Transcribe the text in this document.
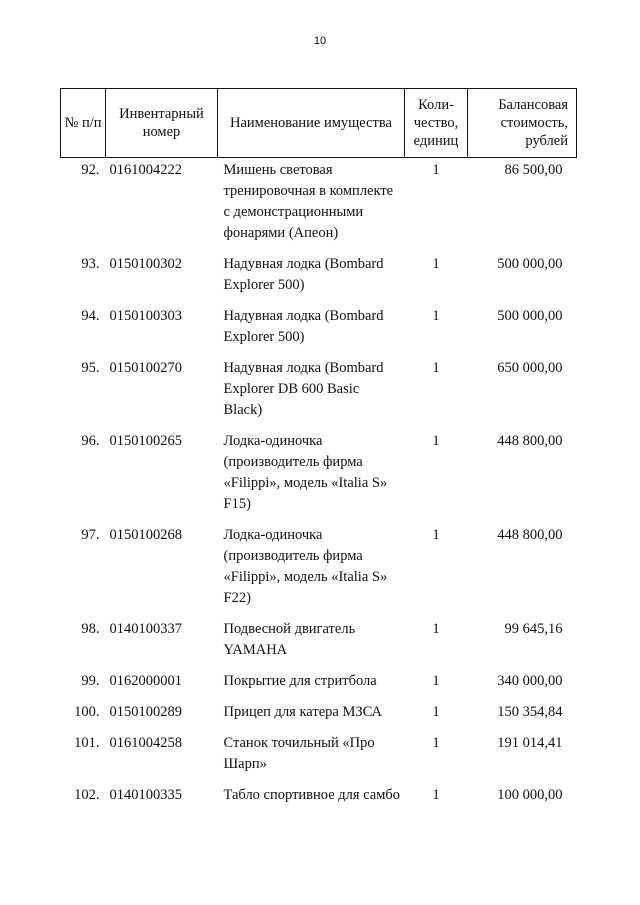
10
№ п/п	Инвентарный номер	Наименование имущества	Коли-чество, единиц	Балансовая стоимость, рублей
92.	0161004222	Мишень световая тренировочная в комплекте с демонстрационными фонарями (Апеон)	1	86 500,00
93.	0150100302	Надувная лодка (Bombard Explorer 500)	1	500 000,00
94.	0150100303	Надувная лодка (Bombard Explorer 500)	1	500 000,00
95.	0150100270	Надувная лодка (Bombard Explorer DB 600 Basic Black)	1	650 000,00
96.	0150100265	Лодка-одиночка (производитель фирма «Filippi», модель «Italia S» F15)	1	448 800,00
97.	0150100268	Лодка-одиночка (производитель фирма «Filippi», модель «Italia S» F22)	1	448 800,00
98.	0140100337	Подвесной двигатель YAMAHA	1	99 645,16
99.	0162000001	Покрытие для стритбола	1	340 000,00
100.	0150100289	Прицеп для катера МЗСА	1	150 354,84
101.	0161004258	Станок точильный «Про Шарп»	1	191 014,41
102.	0140100335	Табло спортивное для самбо	1	100 000,00
